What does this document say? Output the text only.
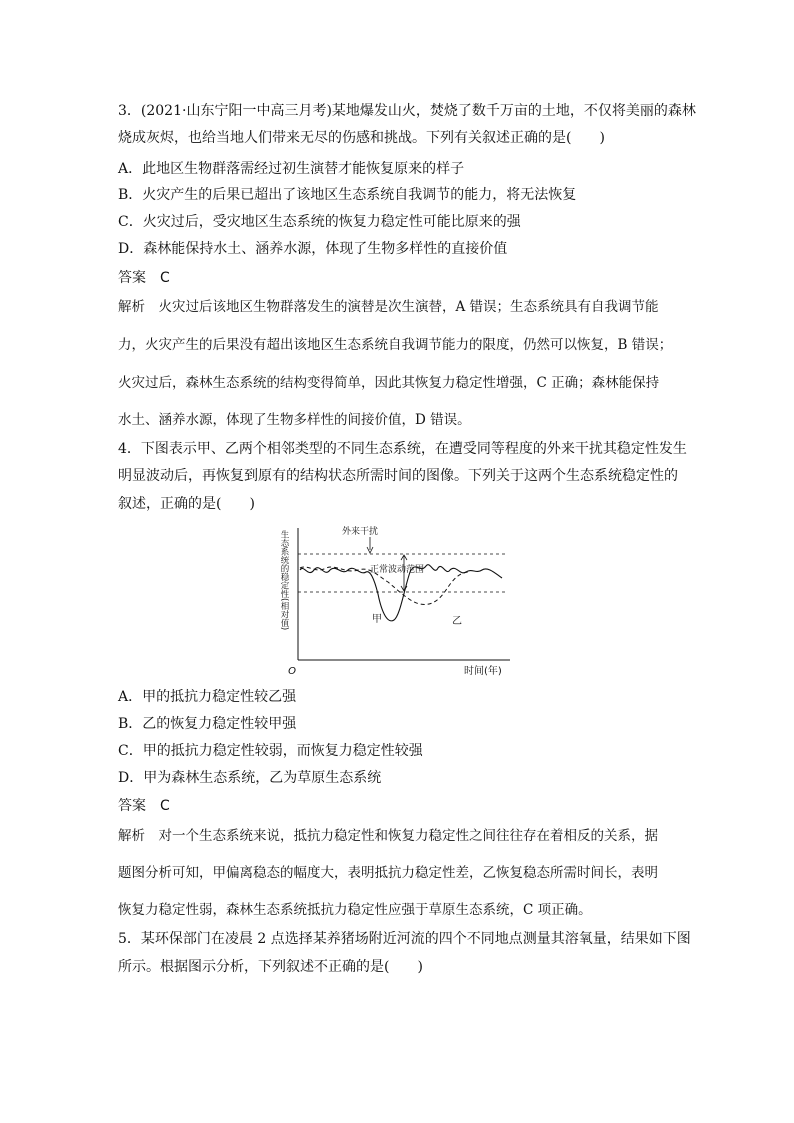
3．(2021·山东宁阳一中高三月考)某地爆发山火，焚烧了数千万亩的土地，不仅将美丽的森林
烧成灰烬，也给当地人们带来无尽的伤感和挑战。下列有关叙述正确的是(　　)
A．此地区生物群落需经过初生演替才能恢复原来的样子
B．火灾产生的后果已超出了该地区生态系统自我调节的能力，将无法恢复
C．火灾过后，受灾地区生态系统的恢复力稳定性可能比原来的强
D．森林能保持水土、涵养水源，体现了生物多样性的直接价值
答案　C
解析　火灾过后该地区生物群落发生的演替是次生演替，A 错误；生态系统具有自我调节能
力，火灾产生的后果没有超出该地区生态系统自我调节能力的限度，仍然可以恢复，B 错误；
火灾过后，森林生态系统的结构变得简单，因此其恢复力稳定性增强，C 正确；森林能保持
水土、涵养水源，体现了生物多样性的间接价值，D 错误。
4．下图表示甲、乙两个相邻类型的不同生态系统，在遭受同等程度的外来干扰其稳定性发生
明显波动后，再恢复到原有的结构状态所需时间的图像。下列关于这两个生态系统稳定性的
叙述，正确的是(　　)
生态系统的稳定性(相对值)
O	时间(年)
外来干扰
正常波动范围
甲	乙
A．甲的抵抗力稳定性较乙强
B．乙的恢复力稳定性较甲强
C．甲的抵抗力稳定性较弱，而恢复力稳定性较强
D．甲为森林生态系统，乙为草原生态系统
答案　C
解析　对一个生态系统来说，抵抗力稳定性和恢复力稳定性之间往往存在着相反的关系，据
题图分析可知，甲偏离稳态的幅度大，表明抵抗力稳定性差，乙恢复稳态所需时间长，表明
恢复力稳定性弱，森林生态系统抵抗力稳定性应强于草原生态系统，C 项正确。
5．某环保部门在凌晨 2 点选择某养猪场附近河流的四个不同地点测量其溶氧量，结果如下图
所示。根据图示分析，下列叙述不正确的是(　　)
